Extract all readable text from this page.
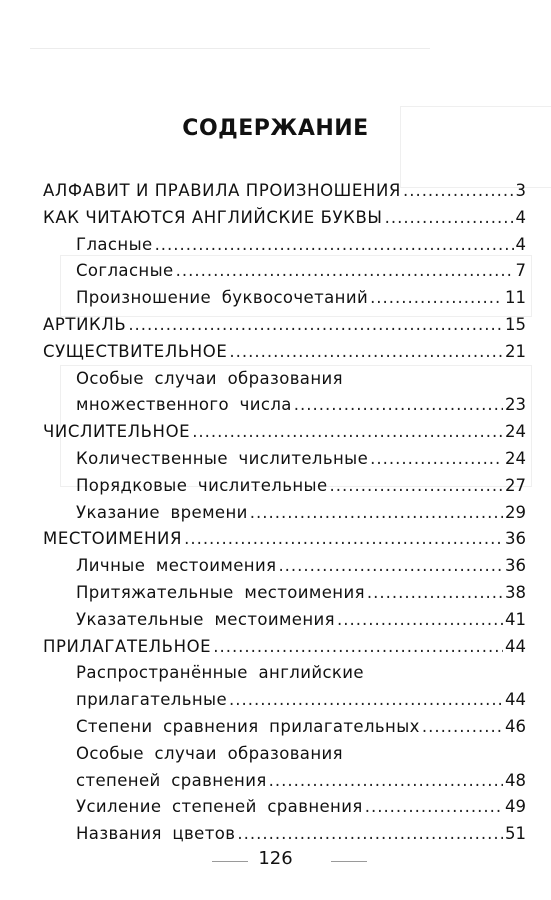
СОДЕРЖАНИЕ
АЛФАВИТ И ПРАВИЛА ПРОИЗНОШЕНИЯ .....	3
КАК ЧИТАЮТСЯ АНГЛИЙСКИЕ БУКВЫ .....	4
Гласные .....	4
Согласные .....	7
Произношение буквосочетаний .....	11
АРТИКЛЬ .....	15
СУЩЕСТВИТЕЛЬНОЕ .....	21
Особые случаи образования
множественного числа .....	23
ЧИСЛИТЕЛЬНОЕ .....	24
Количественные числительные .....	24
Порядковые числительные .....	27
Указание времени .....	29
МЕСТОИМЕНИЯ .....	36
Личные местоимения .....	36
Притяжательные местоимения .....	38
Указательные местоимения .....	41
ПРИЛАГАТЕЛЬНОЕ .....	44
Распространённые английские
прилагательные .....	44
Степени сравнения прилагательных .....	46
Особые случаи образования
степеней сравнения .....	48
Усиление степеней сравнения .....	49
Названия цветов .....	51
126
